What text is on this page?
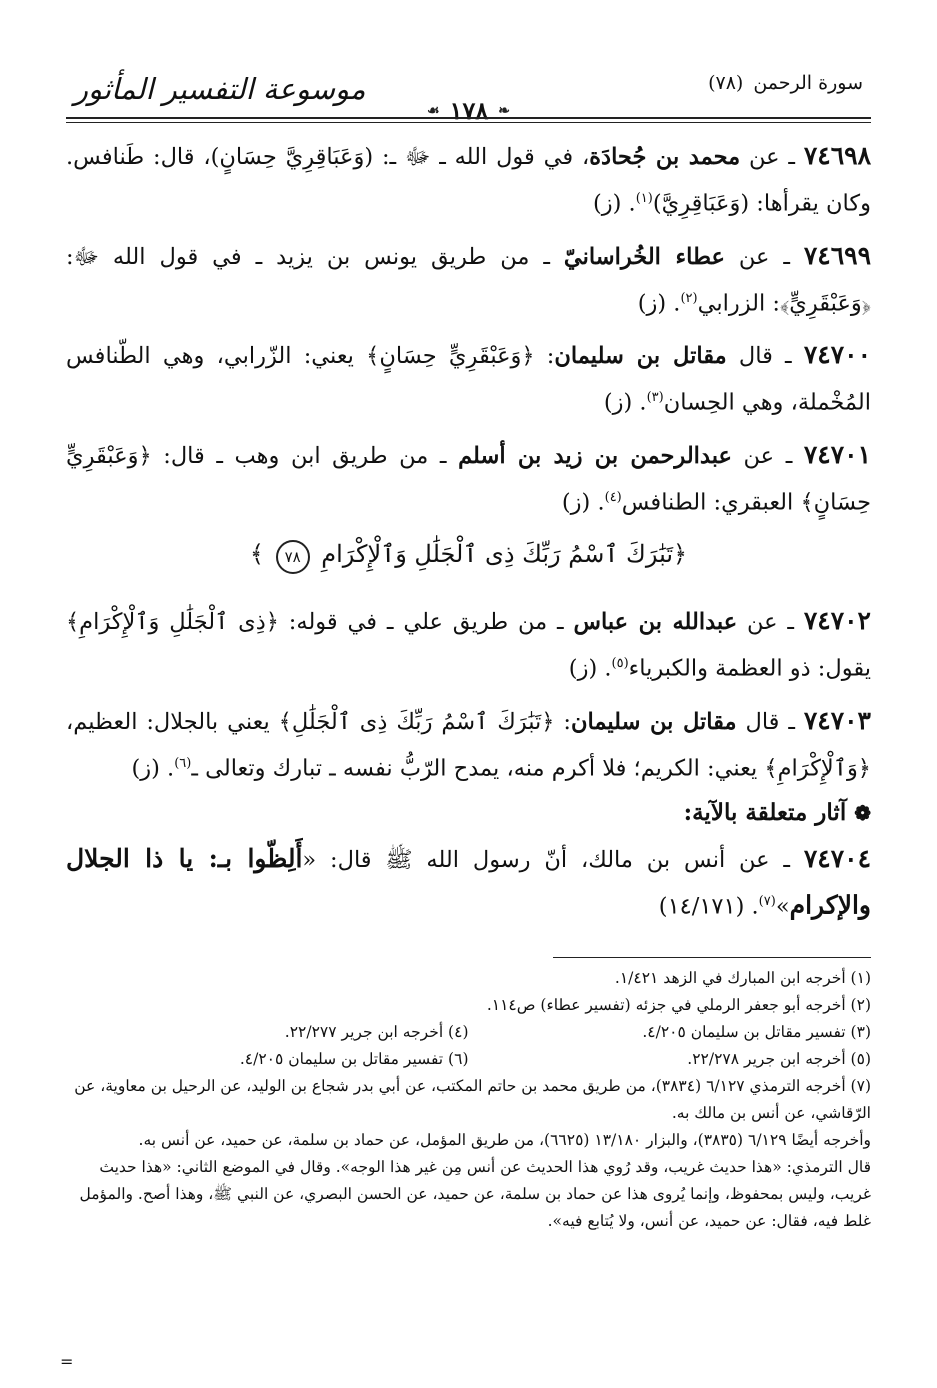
سورة الرحمن
(٧٨)
موسوعة التفسير المأثور
❧
١٧٨
☙

٧٤٦٩٨ ـ عن محمد بن جُحادَة، في قول الله ـ ﷻ ـ: (وَعَبَاقِرِيَّ حِسَانٍ)، قال: طَنافس. وكان يقرأها: (وَعَبَاقِرِيَّ)$^{(١)}$. (ز)

٧٤٦٩٩ ـ عن عطاء الخُراسانيّ ـ من طريق يونس بن يزيد ـ في قول الله ﷻ: ﴿وَعَبْقَرِيٍّ﴾: الزرابي$^{(٢)}$. (ز)

٧٤٧٠٠ ـ قال مقاتل بن سليمان: ﴿وَعَبْقَرِيٍّ حِسَانٍ﴾ يعني: الزّرابي، وهي الطّنافس المُخْملة، وهي الحِسان$^{(٣)}$. (ز)

٧٤٧٠١ ـ عن عبدالرحمن بن زيد بن أسلم ـ من طريق ابن وهب ـ قال: ﴿وَعَبْقَرِيٍّ حِسَانٍ﴾ العبقري: الطنافس$^{(٤)}$. (ز)

﴿تَبَٰرَكَ ٱسْمُ رَبِّكَ ذِى ٱلْجَلَٰلِ وَٱلْإِكْرَامِ ٧٨ ﴾

٧٤٧٠٢ ـ عن عبدالله بن عباس ـ من طريق علي ـ في قوله: ﴿ذِى ٱلْجَلَٰلِ وَٱلْإِكْرَامِ﴾ يقول: ذو العظمة والكبرياء$^{(٥)}$. (ز)

٧٤٧٠٣ ـ قال مقاتل بن سليمان: ﴿تَبَٰرَكَ ٱسْمُ رَبِّكَ ذِى ٱلْجَلَٰلِ﴾ يعني بالجلال: العظيم، ﴿وَٱلْإِكْرَامِ﴾ يعني: الكريم؛ فلا أكرم منه، يمدح الرّبُّ نفسه ـ تبارك وتعالى ـ$^{(٦)}$. (ز)

❁ آثار متعلقة بالآية:

٧٤٧٠٤ ـ عن أنس بن مالك، أنّ رسول الله ﷺ قال: «أَلِظّوا بـ: يا ذا الجلال والإكرام»$^{(٧)}$. (١٤/١٧١)

(١) أخرجه ابن المبارك في الزهد ١/٤٢١.

(٢) أخرجه أبو جعفر الرملي في جزئه (تفسير عطاء) ص١١٤.

(٣) تفسير مقاتل بن سليمان ٤/٢٠٥.

(٤) أخرجه ابن جرير ٢٢/٢٧٧.

(٥) أخرجه ابن جرير ٢٢/٢٧٨.

(٦) تفسير مقاتل بن سليمان ٤/٢٠٥.

(٧) أخرجه الترمذي ٦/١٢٧ (٣٨٣٤)، من طريق محمد بن حاتم المكتب، عن أبي بدر شجاع بن الوليد، عن الرحيل بن معاوية، عن الرّقاشي، عن أنس بن مالك به.

وأخرجه أيضًا ٦/١٢٩ (٣٨٣٥)، والبزار ١٣/١٨٠ (٦٦٢٥)، من طريق المؤمل، عن حماد بن سلمة، عن حميد، عن أنس به.

قال الترمذي: «هذا حديث غريب، وقد رُوي هذا الحديث عن أنس مِن غير هذا الوجه». وقال في الموضع الثاني: «هذا حديث غريب، وليس بمحفوظ، وإنما يُروى هذا عن حماد بن سلمة، عن حميد، عن الحسن البصري، عن النبي ﷺ، وهذا أصح. والمؤمل غلط فيه، فقال: عن حميد، عن أنس، ولا يُتابع فيه».

=
